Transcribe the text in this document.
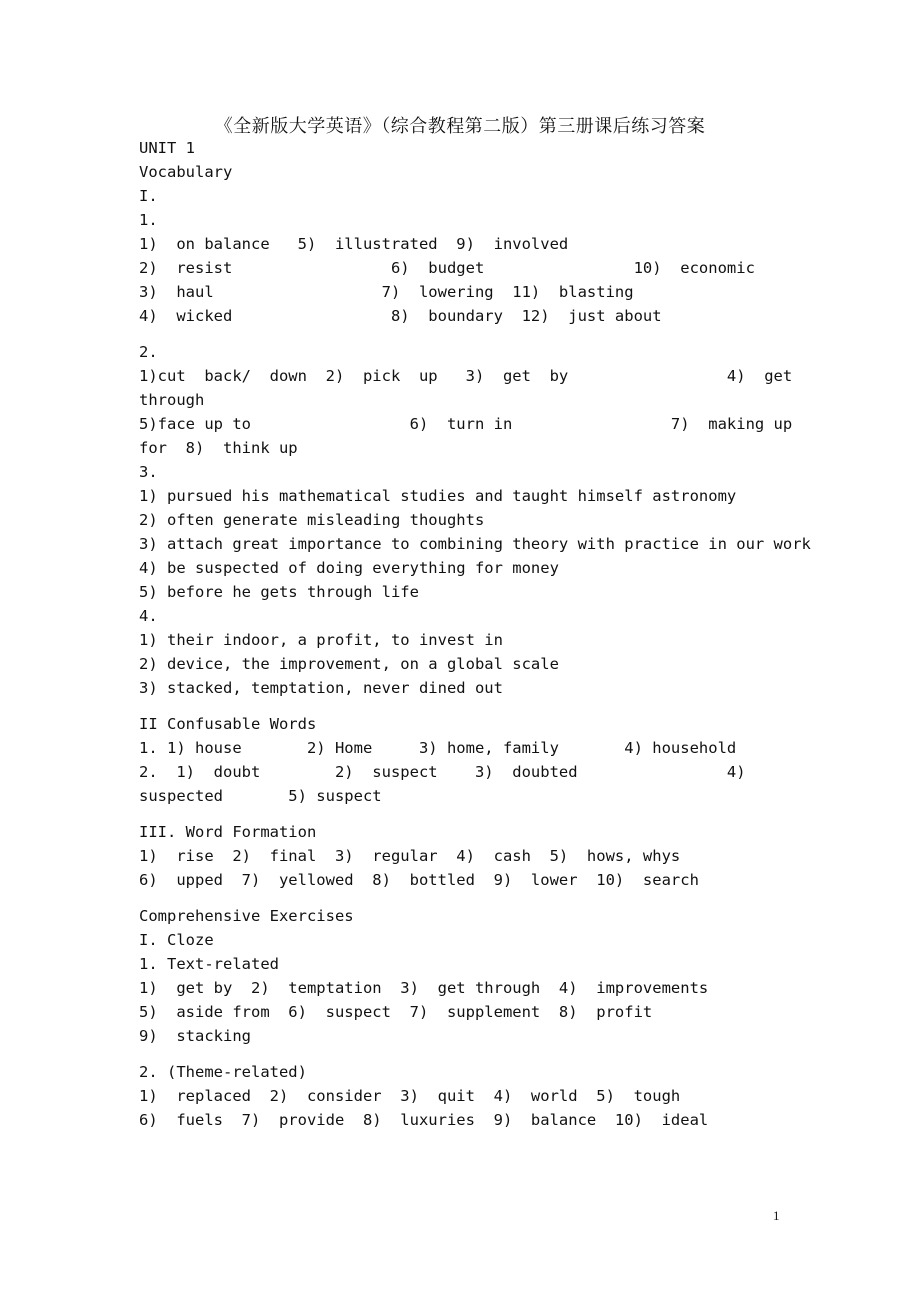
《全新版大学英语》（综合教程第二版）第三册课后练习答案
UNIT 1
Vocabulary
I.
1.
1)  on balance   5)  illustrated  9)  involved
2)  resist                 6)  budget                10)  economic
3)  haul                  7)  lowering  11)  blasting
4)  wicked                 8)  boundary  12)  just about
2.
1)cut  back/  down  2)  pick  up   3)  get  by                 4)  get
through
5)face up to                 6)  turn in                 7)  making up
for  8)  think up
3.
1) pursued his mathematical studies and taught himself astronomy
2) often generate misleading thoughts
3) attach great importance to combining theory with practice in our work
4) be suspected of doing everything for money
5) before he gets through life
4.
1) their indoor, a profit, to invest in
2) device, the improvement, on a global scale
3) stacked, temptation, never dined out
II Confusable Words
1. 1) house       2) Home     3) home, family       4) household
2.  1)  doubt        2)  suspect    3)  doubted                4)
suspected       5) suspect
III. Word Formation
1)  rise  2)  final  3)  regular  4)  cash  5)  hows, whys
6)  upped  7)  yellowed  8)  bottled  9)  lower  10)  search
Comprehensive Exercises
I. Cloze
1. Text-related
1)  get by  2)  temptation  3)  get through  4)  improvements
5)  aside from  6)  suspect  7)  supplement  8)  profit
9)  stacking
2. (Theme-related)
1)  replaced  2)  consider  3)  quit  4)  world  5)  tough
6)  fuels  7)  provide  8)  luxuries  9)  balance  10)  ideal
1
